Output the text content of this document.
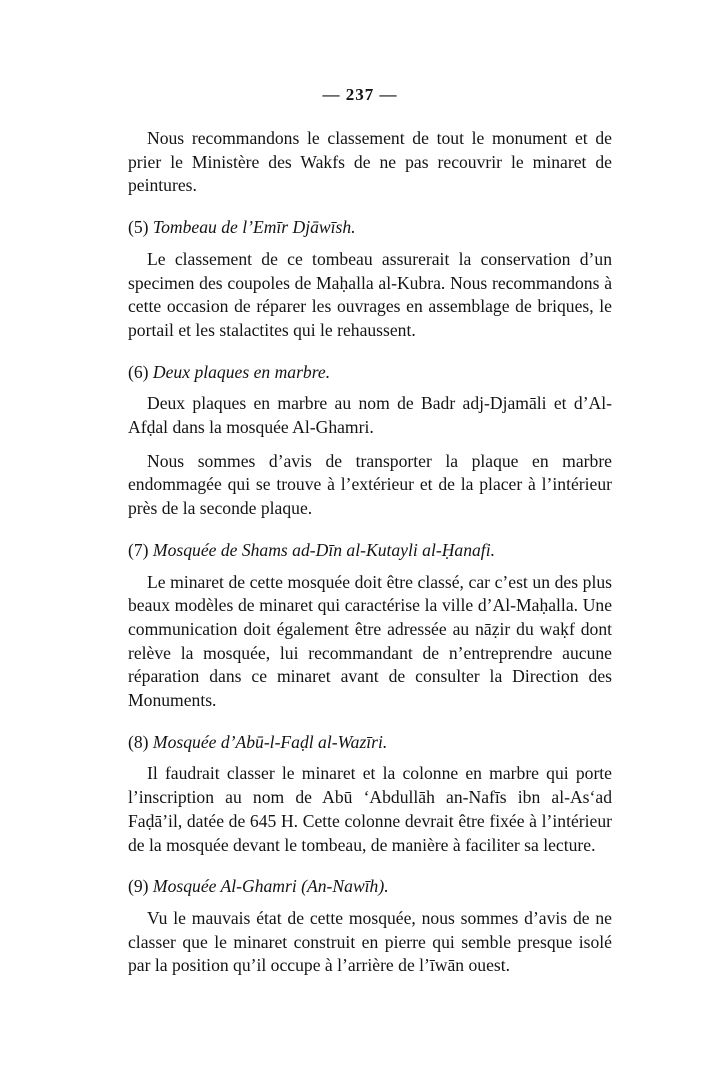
— 237 —

Nous recommandons le classement de tout le monument et de prier le Ministère des Wakfs de ne pas recouvrir le minaret de peintures.

(5) Tombeau de l’Emīr Djāwīsh.

Le classement de ce tombeau assurerait la conservation d’un specimen des coupoles de Maḥalla al-Kubra. Nous recommandons à cette occasion de réparer les ouvrages en assemblage de briques, le portail et les stalactites qui le rehaussent.

(6) Deux plaques en marbre.

Deux plaques en marbre au nom de Badr adj-Djamāli et d’Al-Afḍal dans la mosquée Al-Ghamri.

Nous sommes d’avis de transporter la plaque en marbre endommagée qui se trouve à l’extérieur et de la placer à l’intérieur près de la seconde plaque.

(7) Mosquée de Shams ad-Dīn al-Kutayli al-Ḥanafi.

Le minaret de cette mosquée doit être classé, car c’est un des plus beaux modèles de minaret qui caractérise la ville d’Al-Maḥalla. Une communication doit également être adressée au nāẓir du waḳf dont relève la mosquée, lui recommandant de n’entreprendre aucune réparation dans ce minaret avant de consulter la Direction des Monuments.

(8) Mosquée d’Abū-l-Faḍl al-Wazīri.

Il faudrait classer le minaret et la colonne en marbre qui porte l’inscription au nom de Abū ‘Abdullāh an-Nafīs ibn al-As‘ad Faḍā’il, datée de 645 H. Cette colonne devrait être fixée à l’intérieur de la mosquée devant le tombeau, de manière à faciliter sa lecture.

(9) Mosquée Al-Ghamri (An-Nawīh).

Vu le mauvais état de cette mosquée, nous sommes d’avis de ne classer que le minaret construit en pierre qui semble presque isolé par la position qu’il occupe à l’arrière de l’īwān ouest.
